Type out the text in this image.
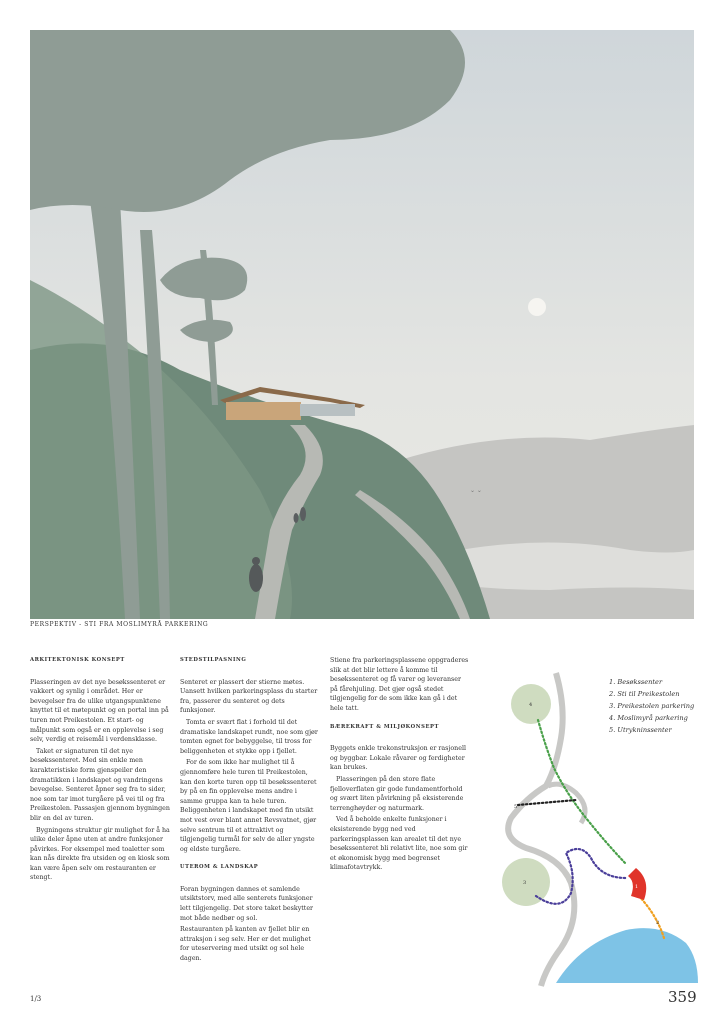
⌄ ⌄
PERSPEKTIV - STI FRA MOSLIMYRÅ PARKERING
ARKITEKTONISK KONSEPT

Plasseringen av det nye besøkssenteret er vakkert og synlig i området. Her er bevegelser fra de ulike utgangspunktene knyttet til et møtepunkt og en portal inn på turen mot Preikestolen. Et start- og målpunkt som også er en opplevelse i seg selv, verdig et reisemål i verdensklasse.

Taket er signaturen til det nye besøkssenteret. Med sin enkle men karakteristiske form gjenspeiler den dramatikken i landskapet og vandringens bevegelse. Senteret åpner seg fra to sider, noe som tar imot turgåere på vei til og fra Preikestolen. Passasjen gjennom bygningen blir en del av turen.

Bygningens struktur gir mulighet for å ha ulike deler åpne uten at andre funksjoner påvirkes. For eksempel med toaletter som kan nås direkte fra utsiden og en kiosk som kan være åpen selv om restauranten er stengt.

STEDSTILPASNING

Senteret er plassert der stierne møtes. Uansett hvilken parkeringsplass du starter fra, passerer du senteret og dets funksjoner.

Tomta er svært flat i forhold til det dramatiske landskapet rundt, noe som gjør tomten egnet for bebyggelse, til tross for beliggenheten et stykke opp i fjellet.

For de som ikke har mulighet til å gjennomføre hele turen til Preikestolen, kan den korte turen opp til besøkssenteret by på en fin opplevelse mens andre i samme gruppa kan ta hele turen. Beliggenheten i landskapet med fin utsikt mot vest over blant annet Revsvatnet, gjør selve sentrum til et attraktivt og tilgjengelig turmål for selv de aller yngste og eldste turgåere.

UTEROM & LANDSKAP

Foran bygningen dannes et samlende utsiktstorv, med alle senterets funksjoner lett tilgjengelig. Det store taket beskytter mot både nedbør og sol.

Restauranten på kanten av fjellet blir en attraksjon i seg selv. Her er det mulighet for uteservering med utsikt og sol hele dagen.

Stiene fra parkeringsplassene oppgraderes slik at det blir lettere å komme til besøkssenteret og få varer og leveranser på fårehjuling. Det gjør også stedet tilgjengelig for de som ikke kan gå i det hele tatt.

BÆREKRAFT & MILJØKONSEPT

Byggets enkle trekonstruksjon er rasjonell og byggbar. Lokale råvarer og ferdigheter kan brukes.

Plasseringen på den store flate fjelloverflaten gir gode fundamentforhold og svært liten påvirkning på eksisterende terrenghøyder og naturmark.

Ved å beholde enkelte funksjoner i eksisterende bygg ned ved parkeringsplassen kan arealet til det nye besøkssenteret bli relativt lite, noe som gir et økonomisk bygg med begrenset klimafotavtrykk.

4
5
3
1
2
1. Besøkssenter
2. Sti til Preikestolen
3. Preikestolen parkering
4. Moslimyrå parkering
5. Utrykninssenter
1/3	359
